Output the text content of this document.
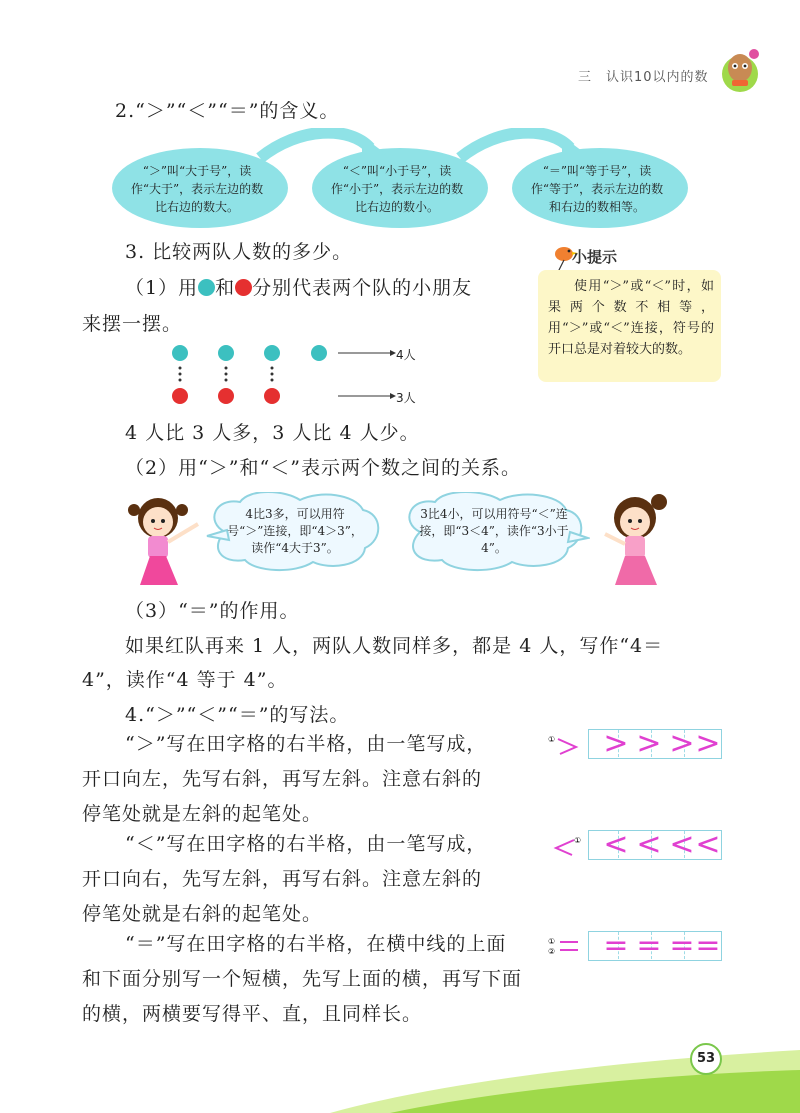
三　认识10以内的数
2.“＞”“＜”“＝”的含义。
“＞”叫“大于号”，读作“大于”，表示左边的数比右边的数大。
“＜”叫“小于号”，读作“小于”，表示左边的数比右边的数小。
“＝”叫“等于号”，读作“等于”，表示左边的数和右边的数相等。
3. 比较两队人数的多少。	小提示
使用“＞”或“＜”时，如果两个数不相等，用“＞”或“＜”连接，符号的开口总是对着较大的数。
（1）用 和 分别代表两个队的小朋友
来摆一摆。
4人
3人
4 人比 3 人多，3 人比 4 人少。
（2）用“＞”和“＜”表示两个数之间的关系。
4比3多，可以用符号“＞”连接，即“4＞3”，读作“4大于3”。
3比4小，可以用符号“＜”连接，即“3＜4”，读作“3小于4”。
（3）“＝”的作用。
如果红队再来 1 人，两队人数同样多，都是 4 人，写作“4＝
4”，读作“4 等于 4”。
4.“＞”“＜”“＝”的写法。
“＞”写在田字格的右半格，由一笔写成，
开口向左，先写右斜，再写左斜。注意右斜的
停笔处就是左斜的起笔处。
① > > > >
“＜”写在田字格的右半格，由一笔写成，
开口向右，先写左斜，再写右斜。注意左斜的
停笔处就是右斜的起笔处。
① < < < <
“＝”写在田字格的右半格，在横中线的上面
和下面分别写一个短横，先写上面的横，再写下面
的横，两横要写得平、直，且同样长。
①
② = = = =
53
